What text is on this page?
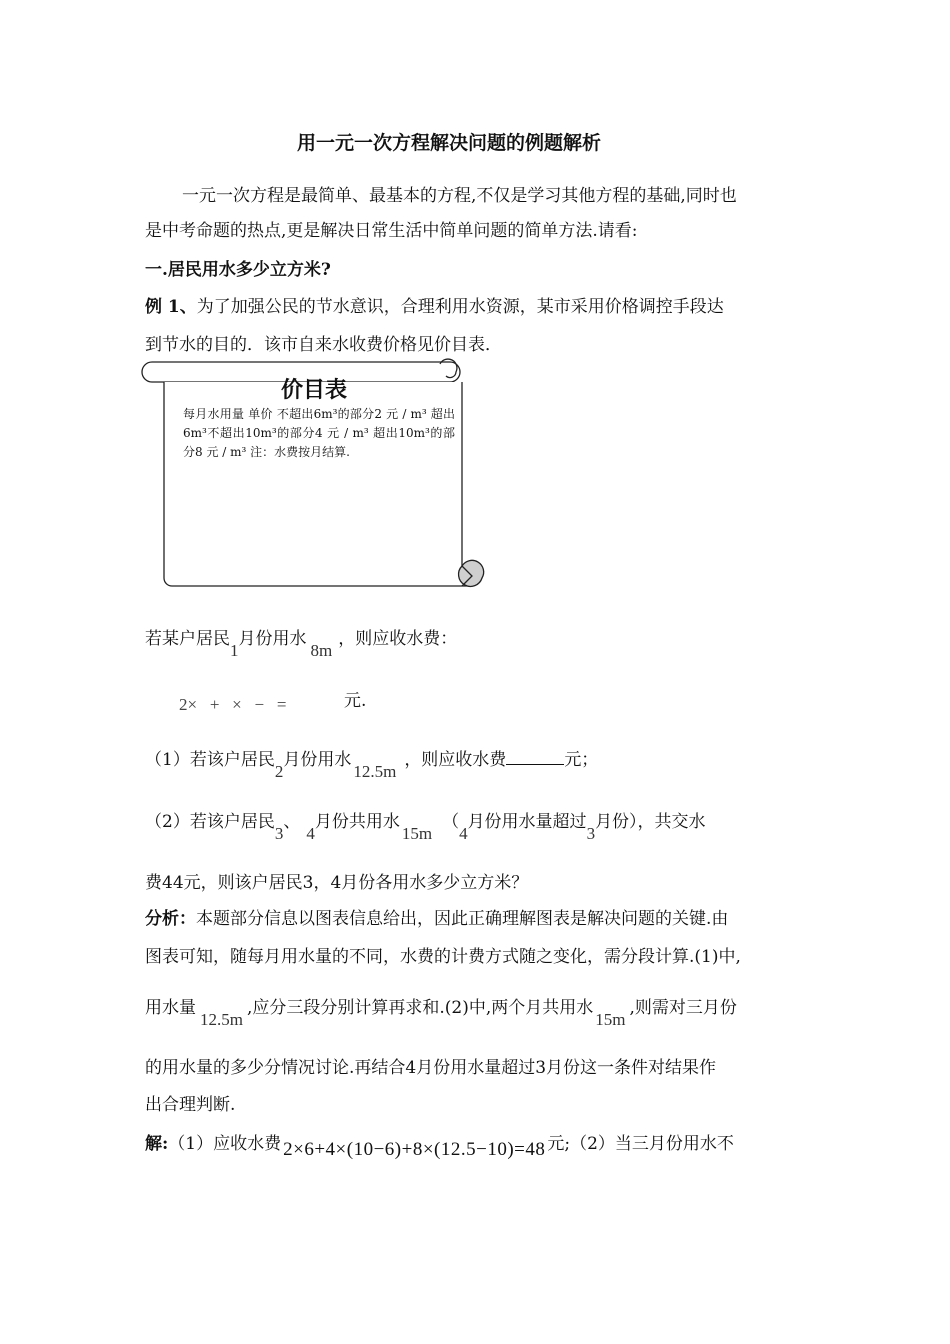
用一元一次方程解决问题的例题解析
一元一次方程是最简单、最基本的方程,不仅是学习其他方程的基础,同时也
是中考命题的热点,更是解决日常生活中简单问题的简单方法.请看:
一.居民用水多少立方米?
例 1、为了加强公民的节水意识，合理利用水资源，某市采用价格调控手段达
到节水的目的．该市自来水收费价格见价目表．
价目表
每月水用量 单价 不超出6m³的部分2 元 / m³ 超出6m³不超出10m³的部分4 元 / m³ 超出10m³的部分8 元 / m³ 注：水费按月结算.
若某户居民1月份用水8m，则应收水费：
2×   +   ×   −   =	元.
（1）若该户居民2月份用水12.5m，则应收水费	元；
（2）若该户居民3、4月份共用水15m（4月份用水量超过3月份），共交水
费44元，则该户居民3，4月份各用水多少立方米？
分析：本题部分信息以图表信息给出，因此正确理解图表是解决问题的关键.由
图表可知，随每月用水量的不同，水费的计费方式随之变化，需分段计算.(1)中,
用水量12.5m,应分三段分别计算再求和.(2)中,两个月共用水15m,则需对三月份
的用水量的多少分情况讨论.再结合4月份用水量超过3月份这一条件对结果作
出合理判断.
解:（1）应收水费 2×6+4×(10−6)+8×(12.5−10)=48 元;（2）当三月份用水不
